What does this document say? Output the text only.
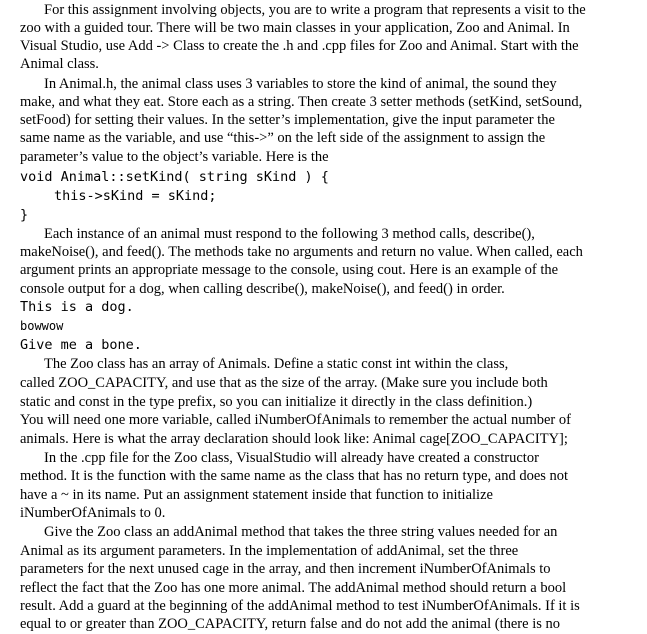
For this assignment involving objects, you are to write a program that represents a visit to the
zoo with a guided tour. There will be two main classes in your application, Zoo and Animal. In
Visual Studio, use Add -> Class to create the .h and .cpp files for Zoo and Animal. Start with the
Animal class.
In Animal.h, the animal class uses 3 variables to store the kind of animal, the sound they
make, and what they eat. Store each as a string. Then create 3 setter methods (setKind, setSound,
setFood) for setting their values. In the setter’s implementation, give the input parameter the
same name as the variable, and use “this->” on the left side of the assignment to assign the
parameter’s value to the object’s variable. Here is the
void Animal::setKind( string sKind ) {
this->sKind = sKind;
}
Each instance of an animal must respond to the following 3 method calls, describe(),
makeNoise(), and feed(). The methods take no arguments and return no value. When called, each
argument prints an appropriate message to the console, using cout. Here is an example of the
console output for a dog, when calling describe(), makeNoise(), and feed() in order.
This is a dog.
bowwow
Give me a bone.
The Zoo class has an array of Animals. Define a static const int within the class,
called ZOO_CAPACITY, and use that as the size of the array. (Make sure you include both
static and const in the type prefix, so you can initialize it directly in the class definition.)
You will need one more variable, called iNumberOfAnimals to remember the actual number of
animals. Here is what the array declaration should look like: Animal cage[ZOO_CAPACITY];
In the .cpp file for the Zoo class, VisualStudio will already have created a constructor
method. It is the function with the same name as the class that has no return type, and does not
have a ~ in its name. Put an assignment statement inside that function to initialize
iNumberOfAnimals to 0.
Give the Zoo class an addAnimal method that takes the three string values needed for an
Animal as its argument parameters. In the implementation of addAnimal, set the three
parameters for the next unused cage in the array, and then increment iNumberOfAnimals to
reflect the fact that the Zoo has one more animal. The addAnimal method should return a bool
result. Add a guard at the beginning of the addAnimal method to test iNumberOfAnimals. If it is
equal to or greater than ZOO_CAPACITY, return false and do not add the animal (there is no
